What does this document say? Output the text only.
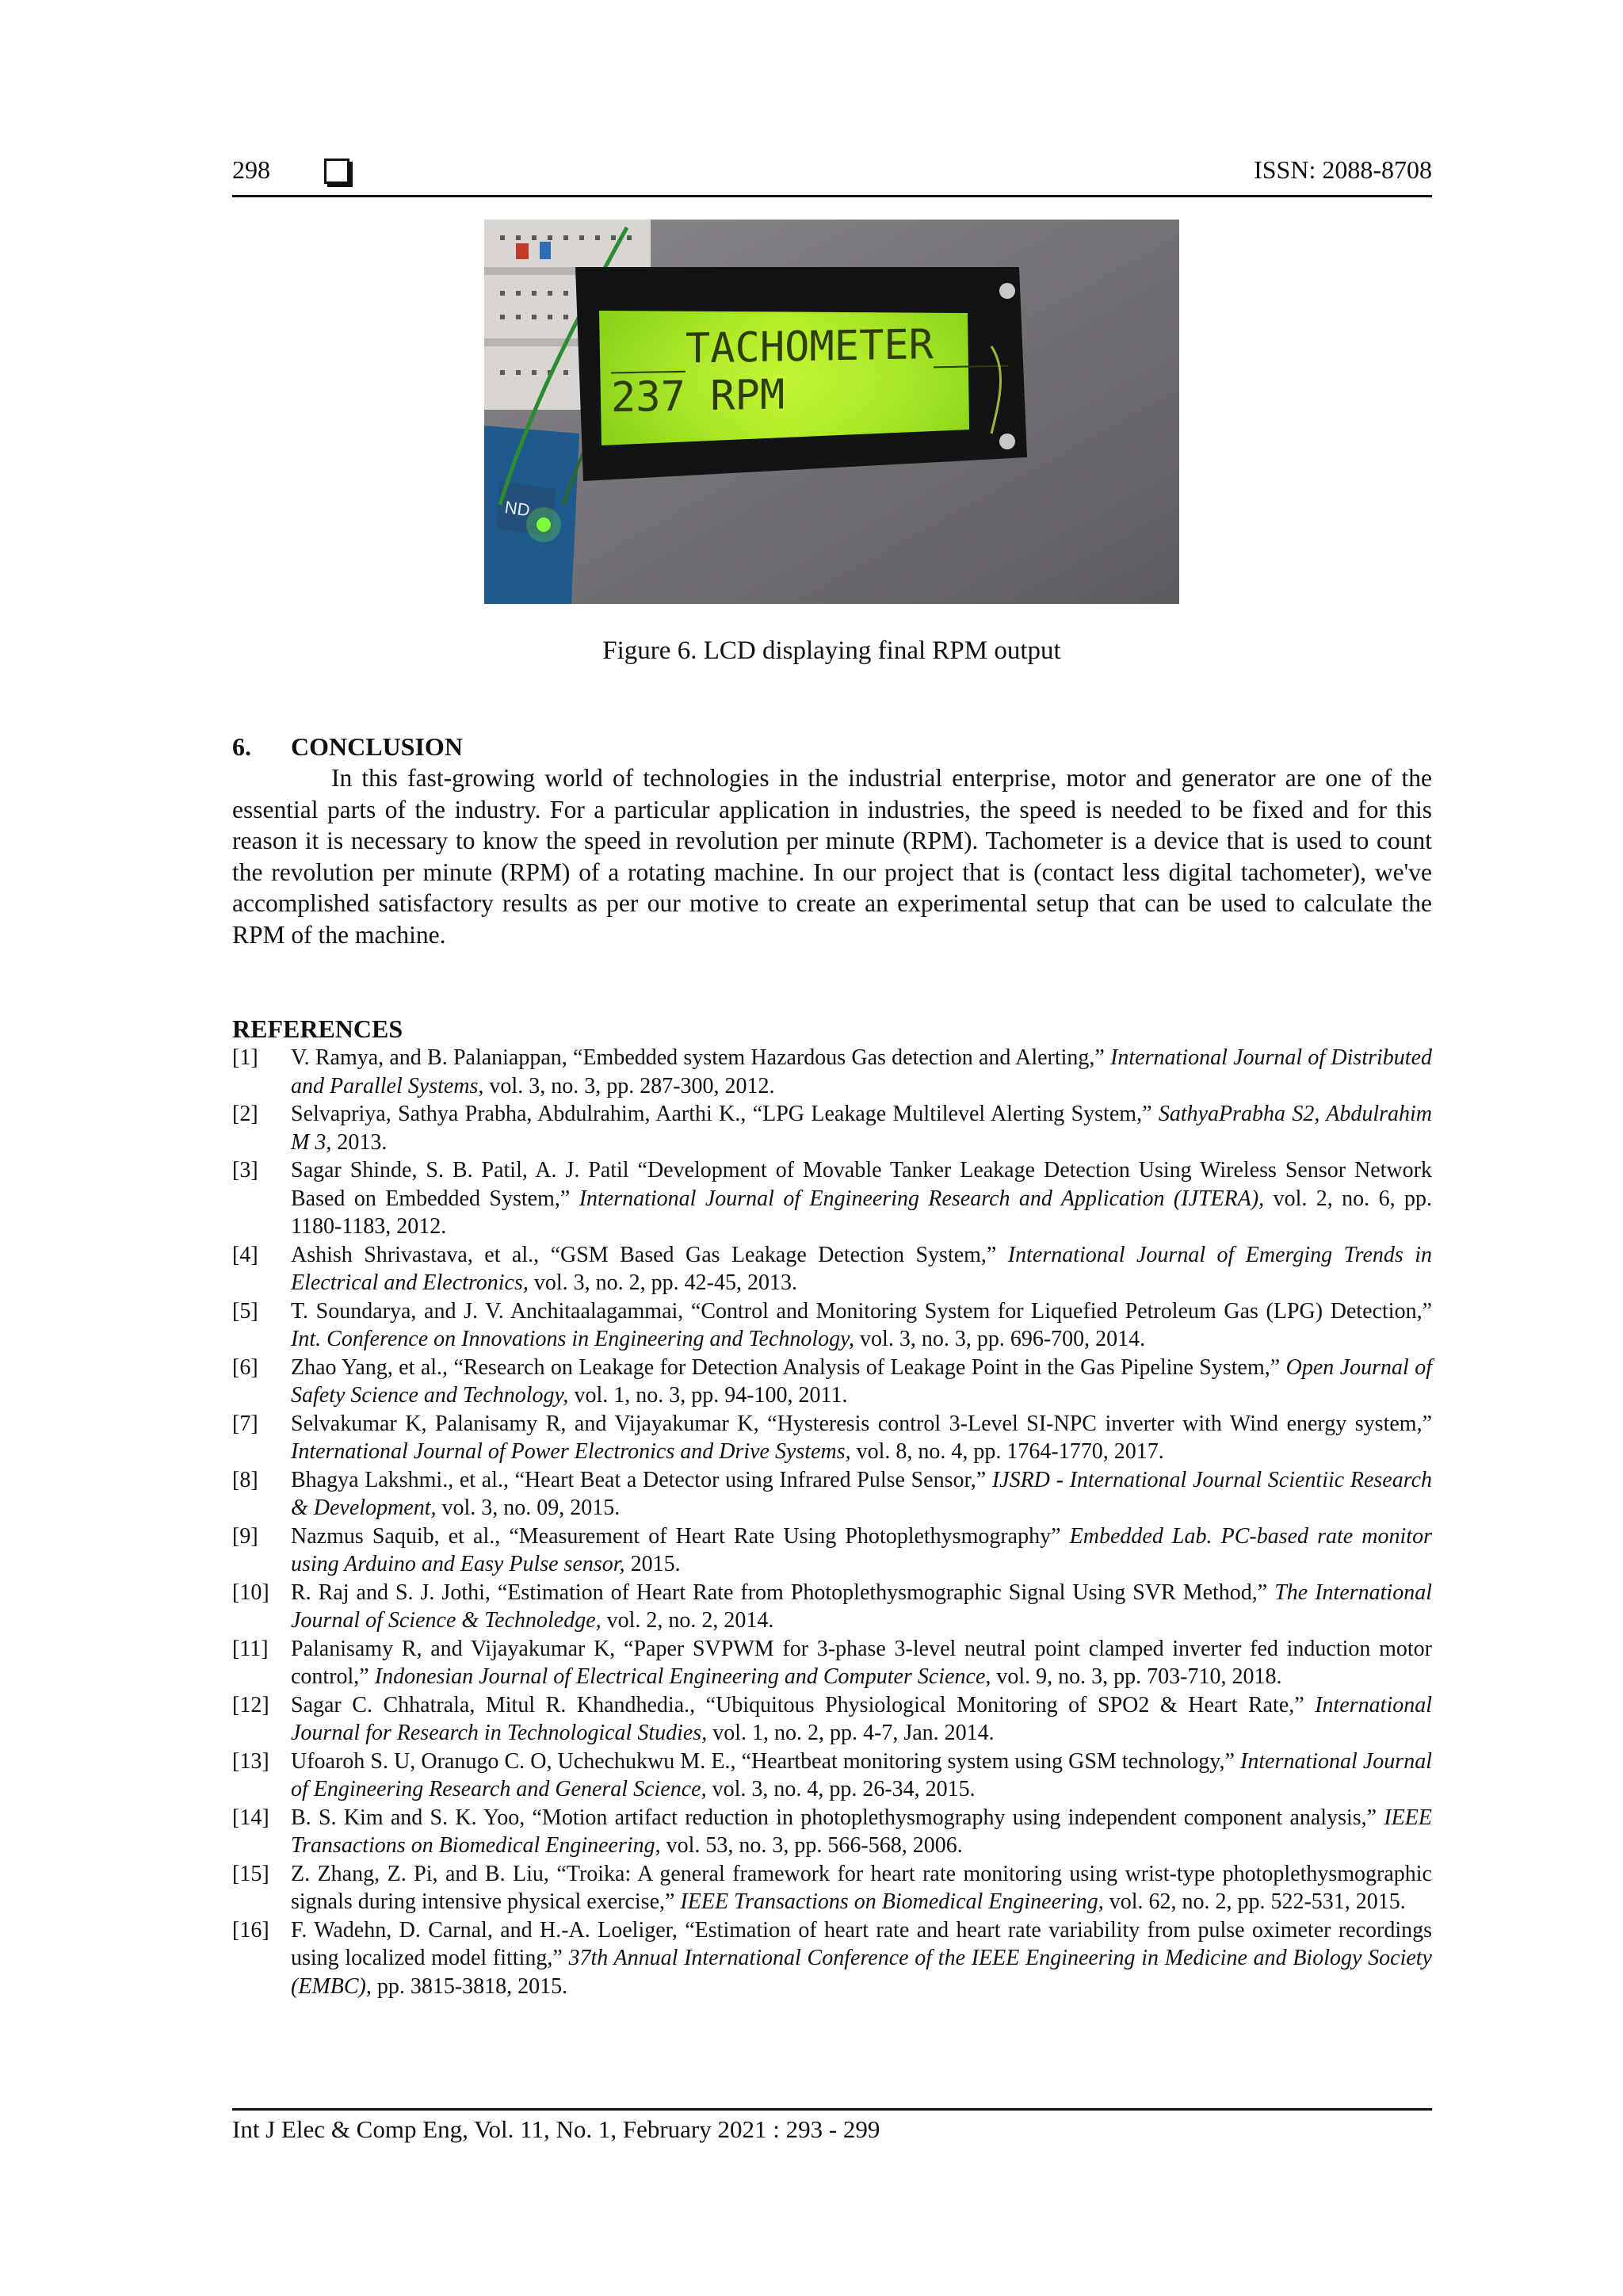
298	ISSN: 2088-8708
ND
___TACHOMETER___
237 RPM
Figure 6. LCD displaying final RPM output
6. CONCLUSION

In this fast-growing world of technologies in the industrial enterprise, motor and generator are one of the essential parts of the industry. For a particular application in industries, the speed is needed to be fixed and for this reason it is necessary to know the speed in revolution per minute (RPM). Tachometer is a device that is used to count the revolution per minute (RPM) of a rotating machine. In our project that is (contact less digital tachometer), we've accomplished satisfactory results as per our motive to create an experimental setup that can be used to calculate the RPM of the machine.

REFERENCES
[1]	V. Ramya, and B. Palaniappan, “Embedded system Hazardous Gas detection and Alerting,” International Journal of Distributed and Parallel Systems, vol. 3, no. 3, pp. 287-300, 2012.
[2]	Selvapriya, Sathya Prabha, Abdulrahim, Aarthi K., “LPG Leakage Multilevel Alerting System,” SathyaPrabha S2, Abdulrahim M 3, 2013.
[3]	Sagar Shinde, S. B. Patil, A. J. Patil “Development of Movable Tanker Leakage Detection Using Wireless Sensor Network Based on Embedded System,” International Journal of Engineering Research and Application (IJTERA), vol. 2, no. 6, pp. 1180-1183, 2012.
[4]	Ashish Shrivastava, et al., “GSM Based Gas Leakage Detection System,” International Journal of Emerging Trends in Electrical and Electronics, vol. 3, no. 2, pp. 42-45, 2013.
[5]	T. Soundarya, and J. V. Anchitaalagammai, “Control and Monitoring System for Liquefied Petroleum Gas (LPG) Detection,” Int. Conference on Innovations in Engineering and Technology, vol. 3, no. 3, pp. 696-700, 2014.
[6]	Zhao Yang, et al., “Research on Leakage for Detection Analysis of Leakage Point in the Gas Pipeline System,” Open Journal of Safety Science and Technology, vol. 1, no. 3, pp. 94-100, 2011.
[7]	Selvakumar K, Palanisamy R, and Vijayakumar K, “Hysteresis control 3-Level SI-NPC inverter with Wind energy system,” International Journal of Power Electronics and Drive Systems, vol. 8, no. 4, pp. 1764-1770, 2017.
[8]	Bhagya Lakshmi., et al., “Heart Beat a Detector using Infrared Pulse Sensor,” IJSRD - International Journal Scientiic Research & Development, vol. 3, no. 09, 2015.
[9]	Nazmus Saquib, et al., “Measurement of Heart Rate Using Photoplethysmography” Embedded Lab. PC-based rate monitor using Arduino and Easy Pulse sensor, 2015.
[10] R. Raj and S. J. Jothi, “Estimation of Heart Rate from Photoplethysmographic Signal Using SVR Method,” The International Journal of Science & Technoledge, vol. 2, no. 2, 2014.
[11]	Palanisamy R, and Vijayakumar K, “Paper SVPWM for 3-phase 3-level neutral point clamped inverter fed induction motor control,” Indonesian Journal of Electrical Engineering and Computer Science, vol. 9, no. 3, pp. 703-710, 2018.
[12] Sagar C. Chhatrala, Mitul R. Khandhedia., “Ubiquitous Physiological Monitoring of SPO2 & Heart Rate,” International Journal for Research in Technological Studies, vol. 1, no. 2, pp. 4-7, Jan. 2014.
[13] Ufoaroh S. U, Oranugo C. O, Uchechukwu M. E., “Heartbeat monitoring system using GSM technology,” International Journal of Engineering Research and General Science, vol. 3, no. 4, pp. 26-34, 2015.
[14] B. S. Kim and S. K. Yoo, “Motion artifact reduction in photoplethysmography using independent component analysis,” IEEE Transactions on Biomedical Engineering, vol. 53, no. 3, pp. 566-568, 2006.
[15] Z. Zhang, Z. Pi, and B. Liu, “Troika: A general framework for heart rate monitoring using wrist-type photoplethysmographic signals during intensive physical exercise,” IEEE Transactions on Biomedical Engineering, vol. 62, no. 2, pp. 522-531, 2015.
[16] F. Wadehn, D. Carnal, and H.-A. Loeliger, “Estimation of heart rate and heart rate variability from pulse oximeter recordings using localized model fitting,” 37th Annual International Conference of the IEEE Engineering in Medicine and Biology Society (EMBC), pp. 3815-3818, 2015.
Int J Elec & Comp Eng, Vol. 11, No. 1, February 2021 : 293 - 299
